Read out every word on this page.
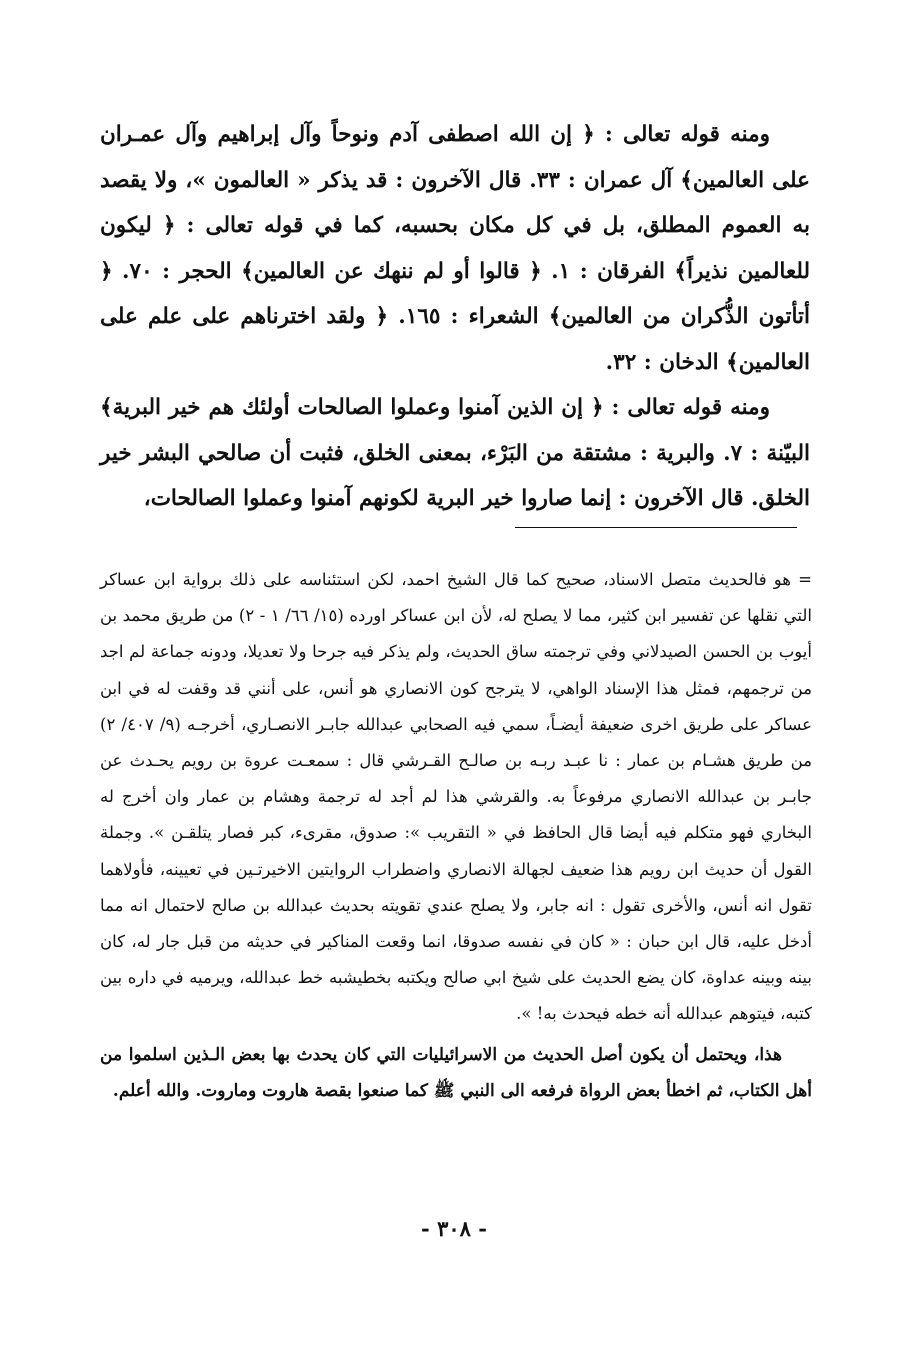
ومنه قوله تعالى : ﴿ إن الله اصطفى آدم ونوحاً وآل إبراهيم وآل عمـران على العالمين﴾ آل عمران : ٣٣. قال الآخرون : قد يذكر « العالمون »، ولا يقصد به العموم المطلق، بل في كل مكان بحسبه، كما في قوله تعالى : ﴿ ليكون للعالمين نذيراً﴾ الفرقان : ١. ﴿ قالوا أو لم ننهك عن العالمين﴾ الحجر : ٧٠. ﴿ أتأتون الذُّكران من العالمين﴾ الشعراء : ١٦٥. ﴿ ولقد اخترناهم على علم على العالمين﴾ الدخان : ٣٢.

ومنه قوله تعالى : ﴿ إن الذين آمنوا وعملوا الصالحات أولئك هم خير البرية﴾ البيّنة : ٧. والبرية : مشتقة من البَرْء، بمعنى الخلق، فثبت أن صالحي البشر خير الخلق. قال الآخرون : إنما صاروا خير البرية لكونهم آمنوا وعملوا الصالحات،

= هو فالحديث متصل الاسناد، صحيح كما قال الشيخ احمد، لكن استئناسه على ذلك برواية ابن عساكر التي نقلها عن تفسير ابن كثير، مما لا يصلح له، لأن ابن عساكر اورده (١٥/ ٦٦/ ١ - ٢) من طريق محمد بن أيوب بن الحسن الصيدلاني وفي ترجمته ساق الحديث، ولم يذكر فيه جرحا ولا تعديلا، ودونه جماعة لم اجد من ترجمهم، فمثل هذا الإسناد الواهي، لا يترجح كون الانصاري هو أنس، على أنني قد وقفت له في ابن عساكر على طريق اخرى ضعيفة أيضـاً، سمي فيه الصحابي عبدالله جابـر الانصـاري، أخرجـه (٩/ ٤٠٧/ ٢) من طريق هشـام بن عمار : نا عبـد ربـه بن صالـح القـرشي قال : سمعـت عروة بن رويم يحـدث عن جابـر بن عبدالله الانصاري مرفوعاً به. والقرشي هذا لم أجد له ترجمة وهشام بن عمار وان أخرج له البخاري فهو متكلم فيه أيضا قال الحافظ في « التقريب »: صدوق، مقرىء، كبر فصار يتلقـن ». وجملة القول أن حديث ابن رويم هذا ضعيف لجهالة الانصاري واضطراب الروايتين الاخيرتـين في تعيينه، فأولاهما تقول انه أنس، والأخرى تقول : انه جابر، ولا يصلح عندي تقويته بحديث عبدالله بن صالح لاحتمال انه مما أدخل عليه، قال ابن حبان : « كان في نفسه صدوقا، انما وقعت المناكير في حديثه من قبل جار له، كان بينه وبينه عداوة، كان يضع الحديث على شيخ ابي صالح ويكتبه بخطيشبه خط عبدالله، ويرميه في داره بين كتبه، فيتوهم عبدالله أنه خطه فيحدث به! ».

هذا، ويحتمل أن يكون أصل الحديث من الاسرائيليات التي كان يحدث بها بعض الـذين اسلموا من أهل الكتاب، ثم اخطأ بعض الرواة فرفعه الى النبي ﷺ كما صنعوا بقصة هاروت وماروت. والله أعلم.

- ٣٠٨ -
